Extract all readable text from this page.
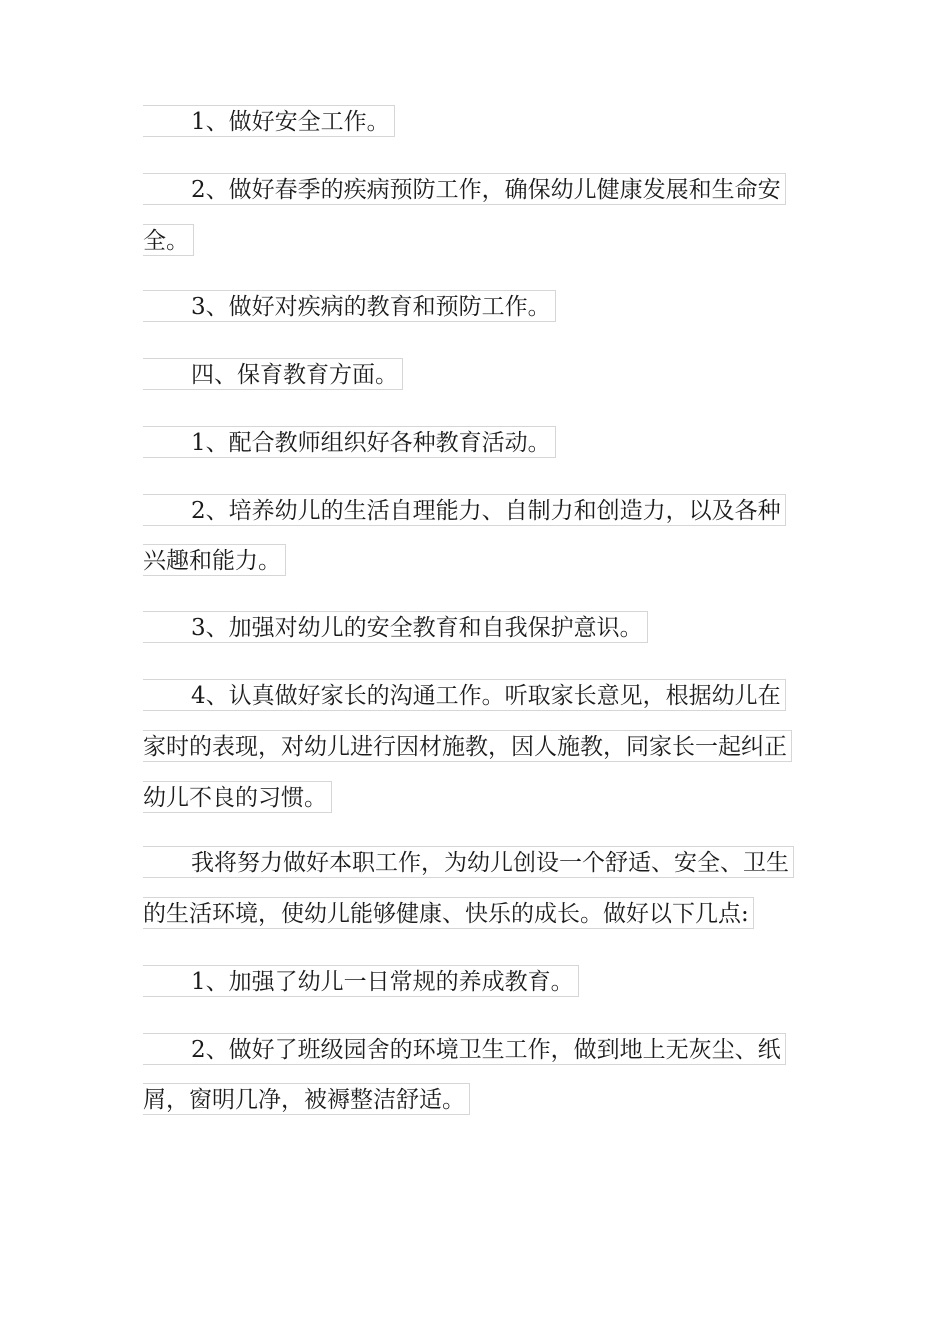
1、做好安全工作。
2、做好春季的疾病预防工作，确保幼儿健康发展和生命安
全。
3、做好对疾病的教育和预防工作。
四、保育教育方面。
1、配合教师组织好各种教育活动。
2、培养幼儿的生活自理能力、自制力和创造力，以及各种
兴趣和能力。
3、加强对幼儿的安全教育和自我保护意识。
4、认真做好家长的沟通工作。听取家长意见，根据幼儿在
家时的表现，对幼儿进行因材施教，因人施教，同家长一起纠正
幼儿不良的习惯。
我将努力做好本职工作，为幼儿创设一个舒适、安全、卫生
的生活环境，使幼儿能够健康、快乐的成长。做好以下几点:
1、加强了幼儿一日常规的养成教育。
2、做好了班级园舍的环境卫生工作，做到地上无灰尘、纸
屑，窗明几净，被褥整洁舒适。
